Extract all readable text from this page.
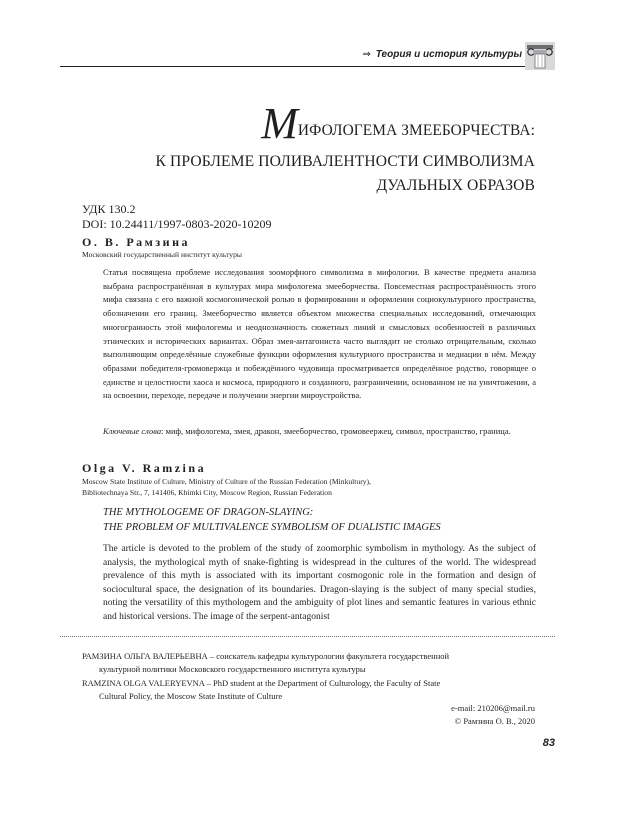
⇒ Теория и история культуры
МИФОЛОГЕМА ЗМЕЕБОРЧЕСТВА:
К ПРОБЛЕМЕ ПОЛИВАЛЕНТНОСТИ СИМВОЛИЗМА
ДУАЛЬНЫХ ОБРАЗОВ
УДК 130.2
DOI: 10.24411/1997-0803-2020-10209
О. В. Рамзина
Московский государственный институт культуры
Статья посвящена проблеме исследования зооморфного символизма в мифологии. В качестве предмета анализа выбрана распространённая в культурах мира мифологема змееборчества. Повсеместная распространённость этого мифа связана с его важной космогонической ролью в формировании и оформлении социокультурного пространства, обозначении его границ. Змееборчество является объектом множества специальных исследований, отмечающих многогранность этой мифологемы и неоднозначность сюжетных линий и смысловых особенностей в различных этнических и исторических вариантах. Образ змея-антагониста часто выглядит не столько отрицательным, сколько выполняющим определённые служебные функции оформления культурного пространства и медиации в нём. Между образами победителя-громовержца и побеждённого чудовища просматривается определённое родство, говорящее о единстве и целостности хаоса и космоса, природного и созданного, разграничении, основанном не на уничтожении, а на освоении, переходе, передаче и получении энергии мироустройства.
Ключевые слова: миф, мифологема, змея, дракон, змееборчество, громовеержец, символ, пространство, граница.
Olga V. Ramzina
Moscow State Institute of Culture, Ministry of Culture of the Russian Federation (Minkultury),
Bibliotechnaya Str., 7, 141406, Khimki City, Moscow Region, Russian Federation
THE MYTHOLOGEME OF DRAGON-SLAYING:
THE PROBLEM OF MULTIVALENCE SYMBOLISM OF DUALISTIC IMAGES
The article is devoted to the problem of the study of zoomorphic symbolism in mythology. As the subject of analysis, the mythological myth of snake-fighting is widespread in the cultures of the world. The widespread prevalence of this myth is associated with its important cosmogonic role in the formation and design of sociocultural space, the designation of its boundaries. Dragon-slaying is the subject of many special studies, noting the versatility of this mythologem and the ambiguity of plot lines and semantic features in various ethnic and historical versions. The image of the serpent-antagonist
РАМЗИНА ОЛЬГА ВАЛЕРЬЕВНА – соискатель кафедры культурологии факультета государственной
культурной политики Московского государственного института культуры
RAMZINA OLGA VALERYEVNA – PhD student at the Department of Culturology, the Faculty of State
Cultural Policy, the Moscow State Institute of Culture
e-mail: 210206@mail.ru
© Рамзина О. В., 2020
83
